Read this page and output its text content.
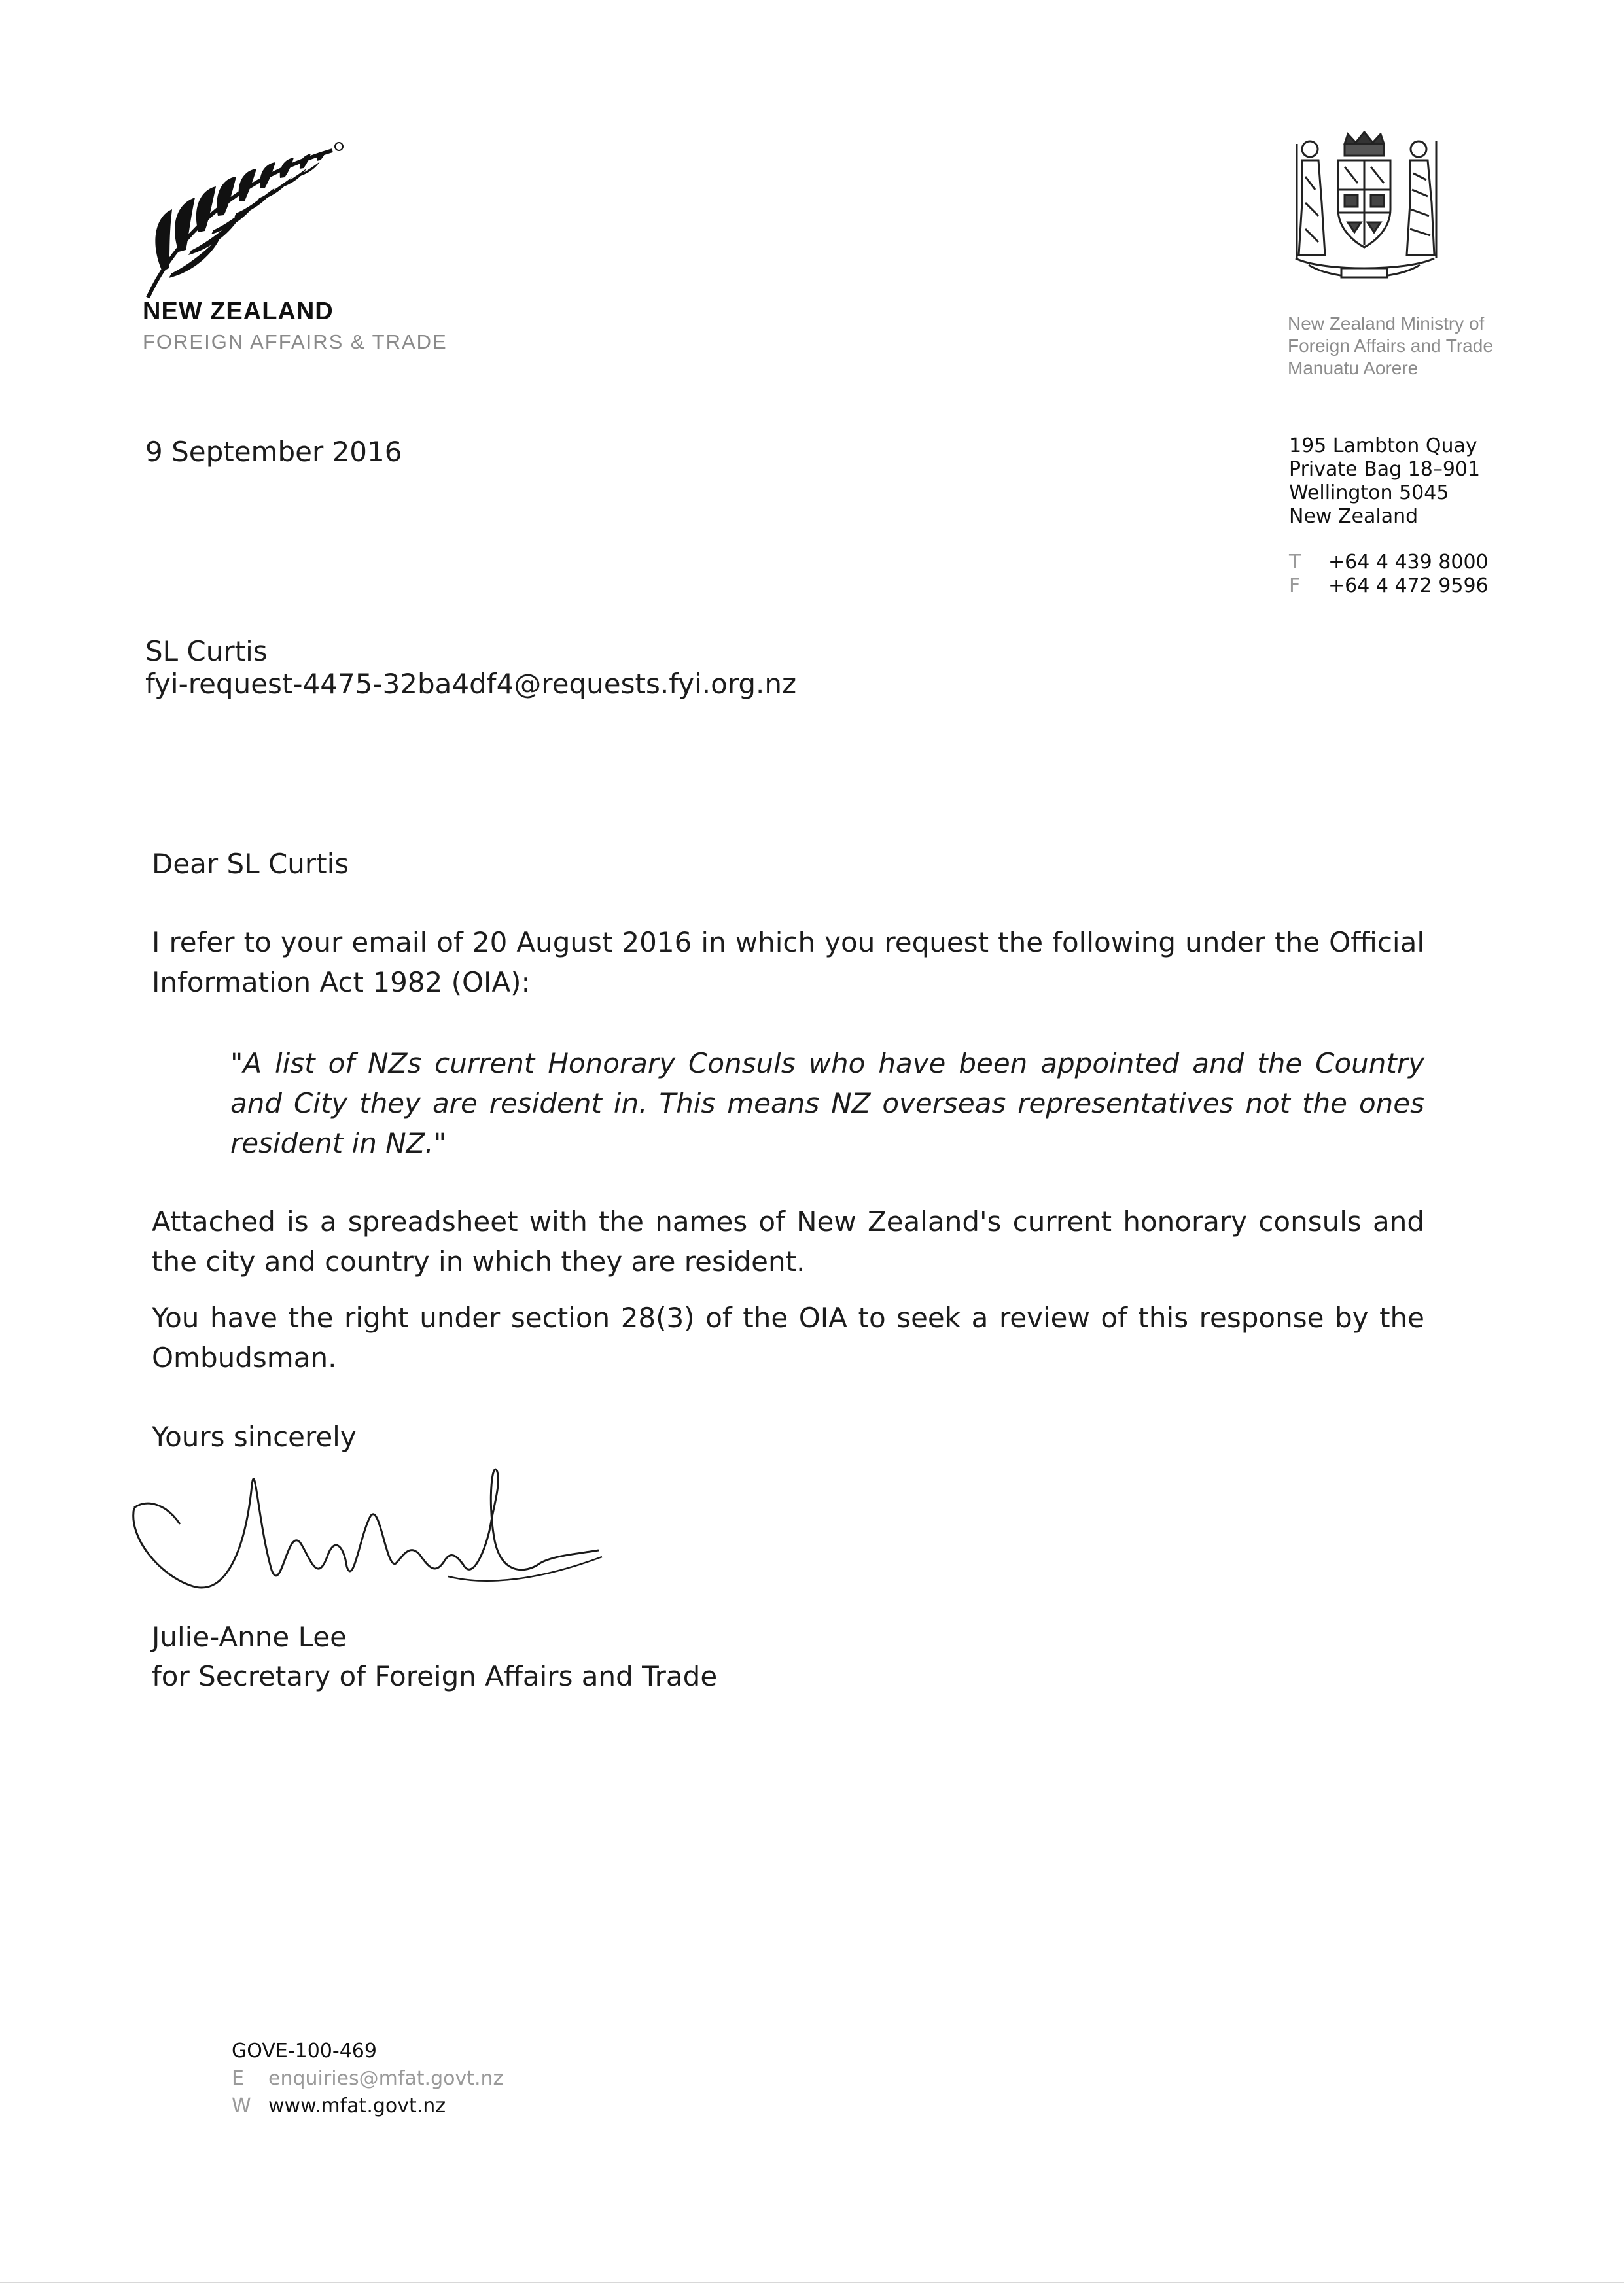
NEW ZEALAND
FOREIGN AFFAIRS & TRADE
New Zealand Ministry of
Foreign Affairs and Trade
Manuatu Aorere
195 Lambton Quay
Private Bag 18–901
Wellington 5045
New Zealand
T +64 4 439 8000
F +64 4 472 9596
9 September 2016
SL Curtis
fyi-request-4475-32ba4df4@requests.fyi.org.nz
Dear SL Curtis
I refer to your email of 20 August 2016 in which you request the following under the Official Information Act 1982 (OIA):
"A list of NZs current Honorary Consuls who have been appointed and the Country and City they are resident in. This means NZ overseas representatives not the ones resident in NZ."
Attached is a spreadsheet with the names of New Zealand's current honorary consuls and the city and country in which they are resident.
You have the right under section 28(3) of the OIA to seek a review of this response by the Ombudsman.
Yours sincerely
Julie-Anne Lee
for Secretary of Foreign Affairs and Trade
GOVE-100-469
E enquiries@mfat.govt.nz
W www.mfat.govt.nz
